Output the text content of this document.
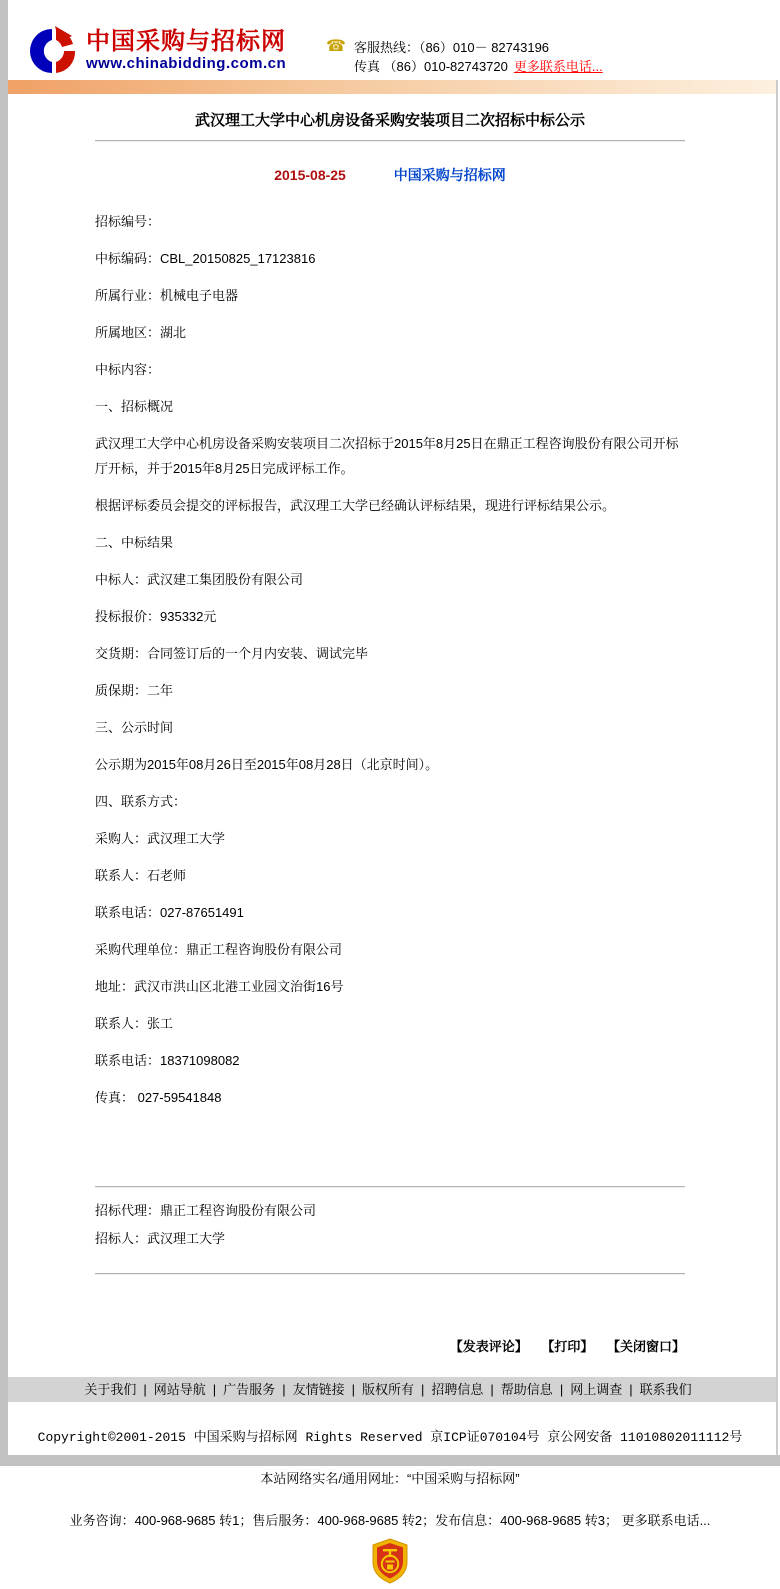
中国采购与招标网
www.chinabidding.com.cn
☎ 客服热线：（86）010－ 82743196
传真 （86）010-82743720 更多联系电话...
武汉理工大学中心机房设备采购安装项目二次招标中标公示
2015-08-25	中国采购与招标网

招标编号：

中标编码：CBL_20150825_17123816

所属行业：机械电子电器

所属地区：湖北

中标内容：

一、招标概况

武汉理工大学中心机房设备采购安装项目二次招标于2015年8月25日在鼎正工程咨询股份有限公司开标厅开标，并于2015年8月25日完成评标工作。

根据评标委员会提交的评标报告，武汉理工大学已经确认评标结果，现进行评标结果公示。

二、中标结果

中标人：武汉建工集团股份有限公司

投标报价：935332元

交货期：合同签订后的一个月内安装、调试完毕

质保期：二年

三、公示时间

公示期为2015年08月26日至2015年08月28日（北京时间）。

四、联系方式：

采购人：武汉理工大学

联系人：石老师

联系电话：027-87651491

采购代理单位：鼎正工程咨询股份有限公司

地址：武汉市洪山区北港工业园文治街16号

联系人：张工

联系电话：18371098082

传真： 027-59541848

招标代理：鼎正工程咨询股份有限公司

招标人：武汉理工大学

【发表评论】 【打印】 【关闭窗口】
关于我们 | 网站导航 | 广告服务 | 友情链接 | 版权所有 | 招聘信息 | 帮助信息 | 网上调查 | 联系我们
Copyright©2001-2015 中国采购与招标网 Rights Reserved 京ICP证070104号 京公网安备 11010802011112号
本站网络实名/通用网址：“中国采购与招标网”
业务咨询：400-968-9685 转1；售后服务：400-968-9685 转2；发布信息：400-968-9685 转3； 更多联系电话...
